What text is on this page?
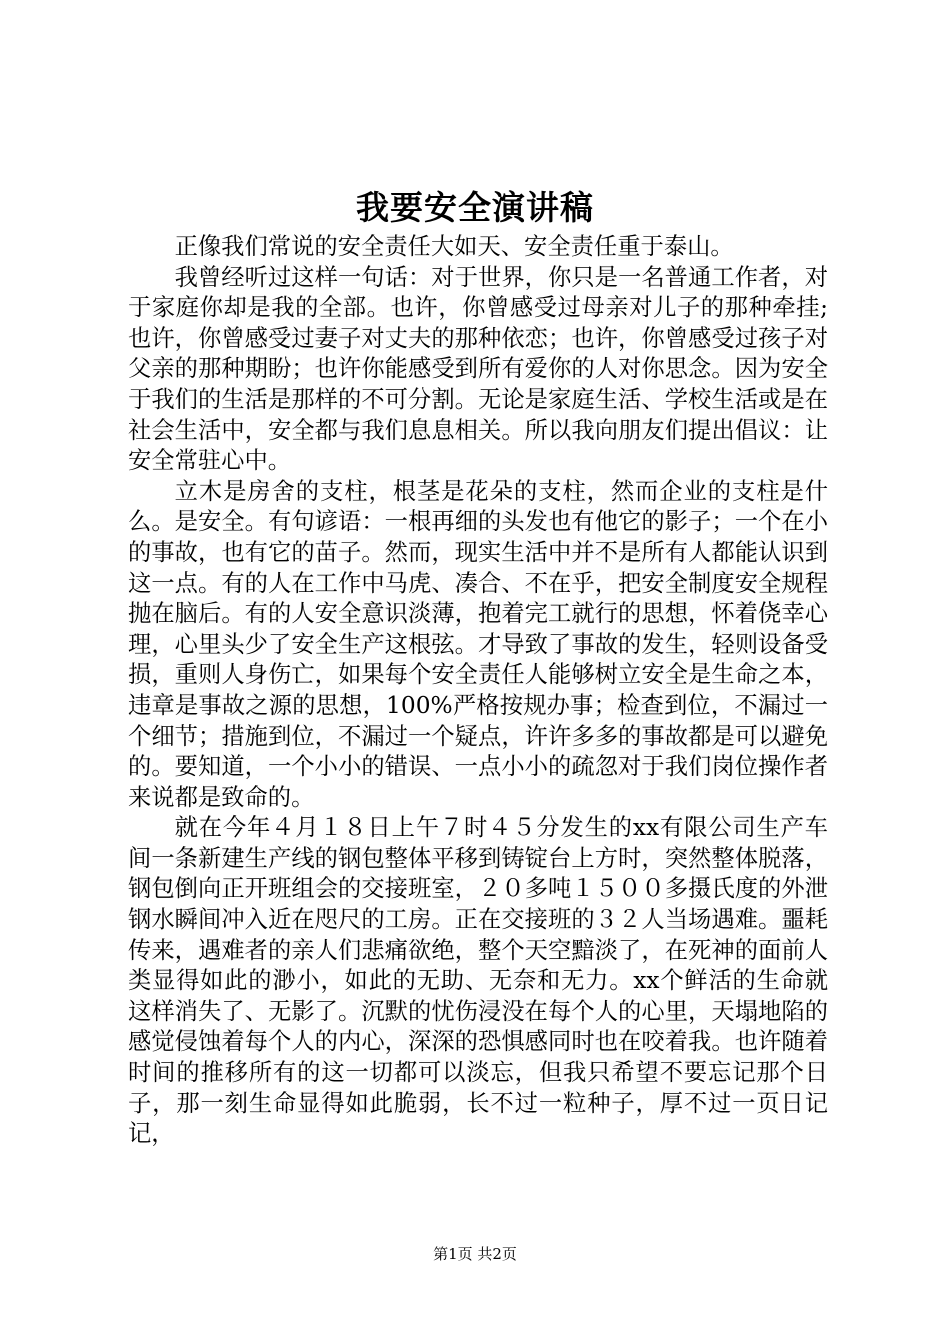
我要安全演讲稿

正像我们常说的安全责任大如天、安全责任重于泰山。

我曾经听过这样一句话：对于世界，你只是一名普通工作者，对于家庭你却是我的全部。也许，你曾感受过母亲对儿子的那种牵挂;也许，你曾感受过妻子对丈夫的那种依恋；也许，你曾感受过孩子对父亲的那种期盼；也许你能感受到所有爱你的人对你思念。因为安全于我们的生活是那样的不可分割。无论是家庭生活、学校生活或是在社会生活中，安全都与我们息息相关。所以我向朋友们提出倡议：让安全常驻心中。

立木是房舍的支柱，根茎是花朵的支柱，然而企业的支柱是什么。是安全。有句谚语：一根再细的头发也有他它的影子；一个在小的事故，也有它的苗子。然而，现实生活中并不是所有人都能认识到这一点。有的人在工作中马虎、凑合、不在乎，把安全制度安全规程抛在脑后。有的人安全意识淡薄，抱着完工就行的思想，怀着侥幸心理，心里头少了安全生产这根弦。才导致了事故的发生，轻则设备受损，重则人身伤亡，如果每个安全责任人能够树立安全是生命之本，违章是事故之源的思想，100%严格按规办事；检查到位，不漏过一个细节；措施到位，不漏过一个疑点，许许多多的事故都是可以避免的。要知道，一个小小的错误、一点小小的疏忽对于我们岗位操作者来说都是致命的。

就在今年４月１８日上午７时４５分发生的xx有限公司生产车间一条新建生产线的钢包整体平移到铸锭台上方时，突然整体脱落，钢包倒向正开班组会的交接班室，２０多吨１５００多摄氏度的外泄钢水瞬间冲入近在咫尺的工房。正在交接班的３２人当场遇难。噩耗传来，遇难者的亲人们悲痛欲绝，整个天空黯淡了，在死神的面前人类显得如此的渺小，如此的无助、无奈和无力。xx个鲜活的生命就这样消失了、无影了。沉默的忧伤浸没在每个人的心里，天塌地陷的感觉侵蚀着每个人的内心，深深的恐惧感同时也在咬着我。也许随着时间的推移所有的这一切都可以淡忘，但我只希望不要忘记那个日子，那一刻生命显得如此脆弱，长不过一粒种子，厚不过一页日记记，

第1页 共2页
